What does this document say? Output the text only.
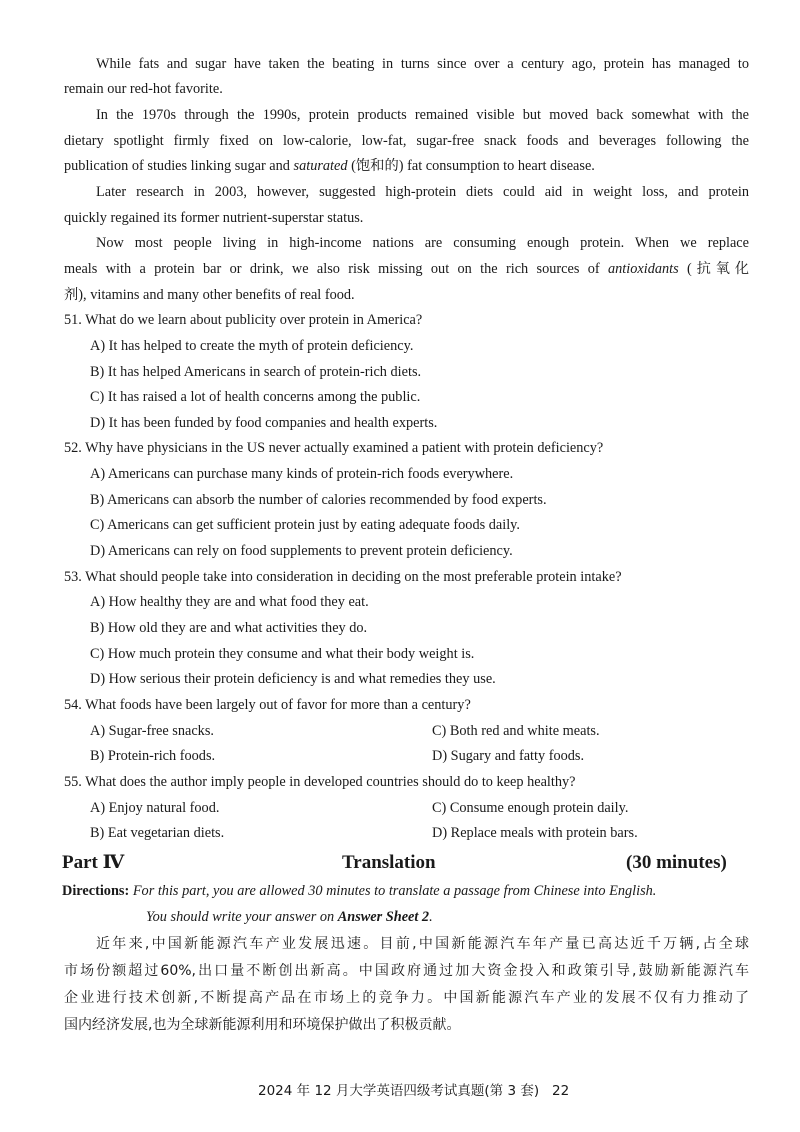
While fats and sugar have taken the beating in turns since over a century ago, protein has managed to
remain our red-hot favorite.
In the 1970s through the 1990s, protein products remained visible but moved back somewhat with the
dietary spotlight firmly fixed on low-calorie, low-fat, sugar-free snack foods and beverages following the
publication of studies linking sugar and saturated (饱和的) fat consumption to heart disease.
Later research in 2003, however, suggested high-protein diets could aid in weight loss, and protein
quickly regained its former nutrient-superstar status.
Now most people living in high-income nations are consuming enough protein. When we replace
meals with a protein bar or drink, we also risk missing out on the rich sources of antioxidants (抗氧化
剂), vitamins and many other benefits of real food.
51. What do we learn about publicity over protein in America?
A) It has helped to create the myth of protein deficiency.
B) It has helped Americans in search of protein-rich diets.
C) It has raised a lot of health concerns among the public.
D) It has been funded by food companies and health experts.
52. Why have physicians in the US never actually examined a patient with protein deficiency?
A) Americans can purchase many kinds of protein-rich foods everywhere.
B) Americans can absorb the number of calories recommended by food experts.
C) Americans can get sufficient protein just by eating adequate foods daily.
D) Americans can rely on food supplements to prevent protein deficiency.
53. What should people take into consideration in deciding on the most preferable protein intake?
A) How healthy they are and what food they eat.
B) How old they are and what activities they do.
C) How much protein they consume and what their body weight is.
D) How serious their protein deficiency is and what remedies they use.
54. What foods have been largely out of favor for more than a century?
A) Sugar-free snacks.	C) Both red and white meats.
B) Protein-rich foods.	D) Sugary and fatty foods.
55. What does the author imply people in developed countries should do to keep healthy?
A) Enjoy natural food.	C) Consume enough protein daily.
B) Eat vegetarian diets.	D) Replace meals with protein bars.
Part Ⅳ	Translation	(30 minutes)
Directions: For this part, you are allowed 30 minutes to translate a passage from Chinese into English.
You should write your answer on Answer Sheet 2.
近年来,中国新能源汽车产业发展迅速。目前,中国新能源汽车年产量已高达近千万辆,占全球
市场份额超过60%,出口量不断创出新高。中国政府通过加大资金投入和政策引导,鼓励新能源汽车
企业进行技术创新,不断提高产品在市场上的竞争力。中国新能源汽车产业的发展不仅有力推动了
国内经济发展,也为全球新能源利用和环境保护做出了积极贡献。
2024 年 12 月大学英语四级考试真题(第 3 套) 22
